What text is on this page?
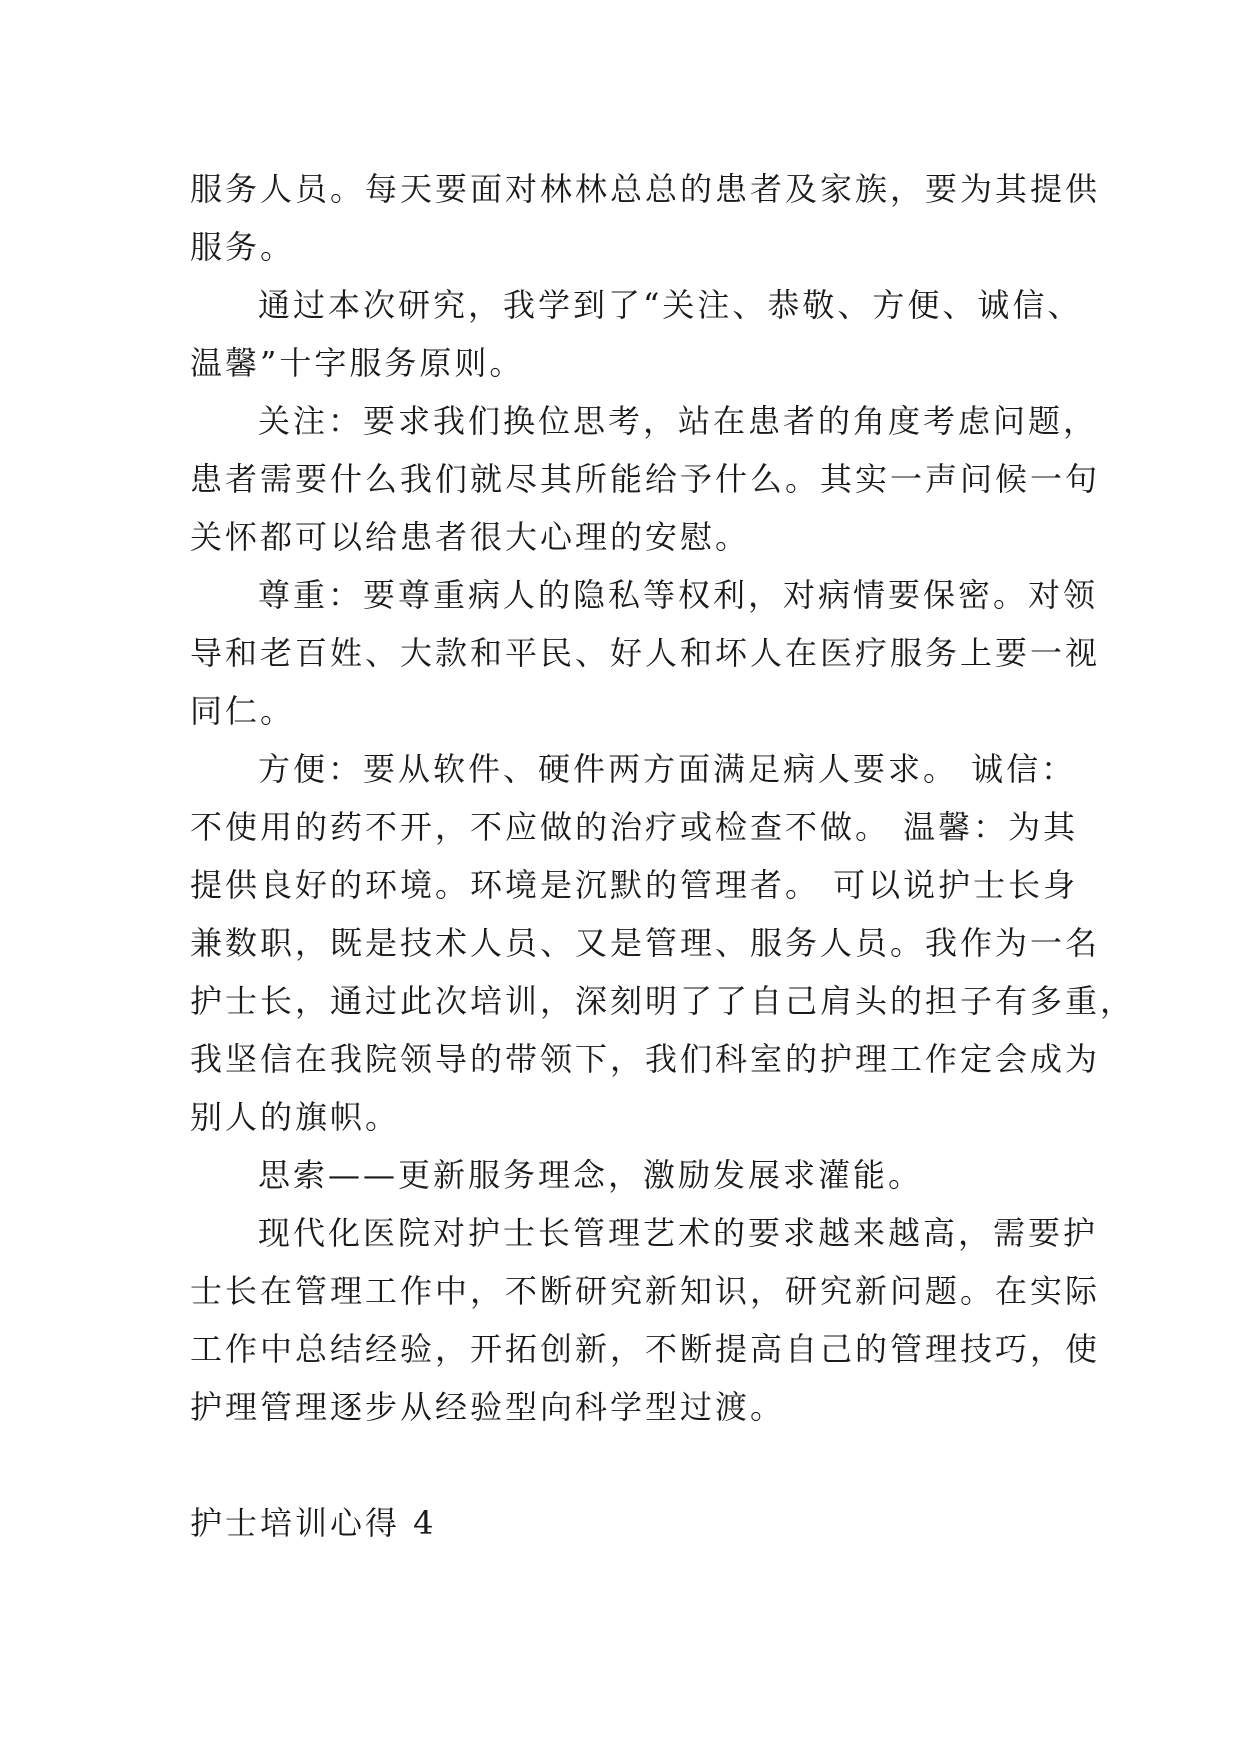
服务人员。每天要面对林林总总的患者及家族，要为其提供
服务。
通过本次研究，我学到了“关注、恭敬、方便、诚信、
温馨”十字服务原则。
关注：要求我们换位思考，站在患者的角度考虑问题，
患者需要什么我们就尽其所能给予什么。其实一声问候一句
关怀都可以给患者很大心理的安慰。
尊重：要尊重病人的隐私等权利，对病情要保密。对领
导和老百姓、大款和平民、好人和坏人在医疗服务上要一视
同仁。
方便：要从软件、硬件两方面满足病人要求。 诚信：
不使用的药不开，不应做的治疗或检查不做。 温馨：为其
提供良好的环境。环境是沉默的管理者。 可以说护士长身
兼数职，既是技术人员、又是管理、服务人员。我作为一名
护士长，通过此次培训，深刻明了了自己肩头的担子有多重，
我坚信在我院领导的带领下，我们科室的护理工作定会成为
别人的旗帜。
思索——更新服务理念，激励发展求灌能。
现代化医院对护士长管理艺术的要求越来越高，需要护
士长在管理工作中，不断研究新知识，研究新问题。在实际
工作中总结经验，开拓创新，不断提高自己的管理技巧，使
护理管理逐步从经验型向科学型过渡。
护士培训心得 4
